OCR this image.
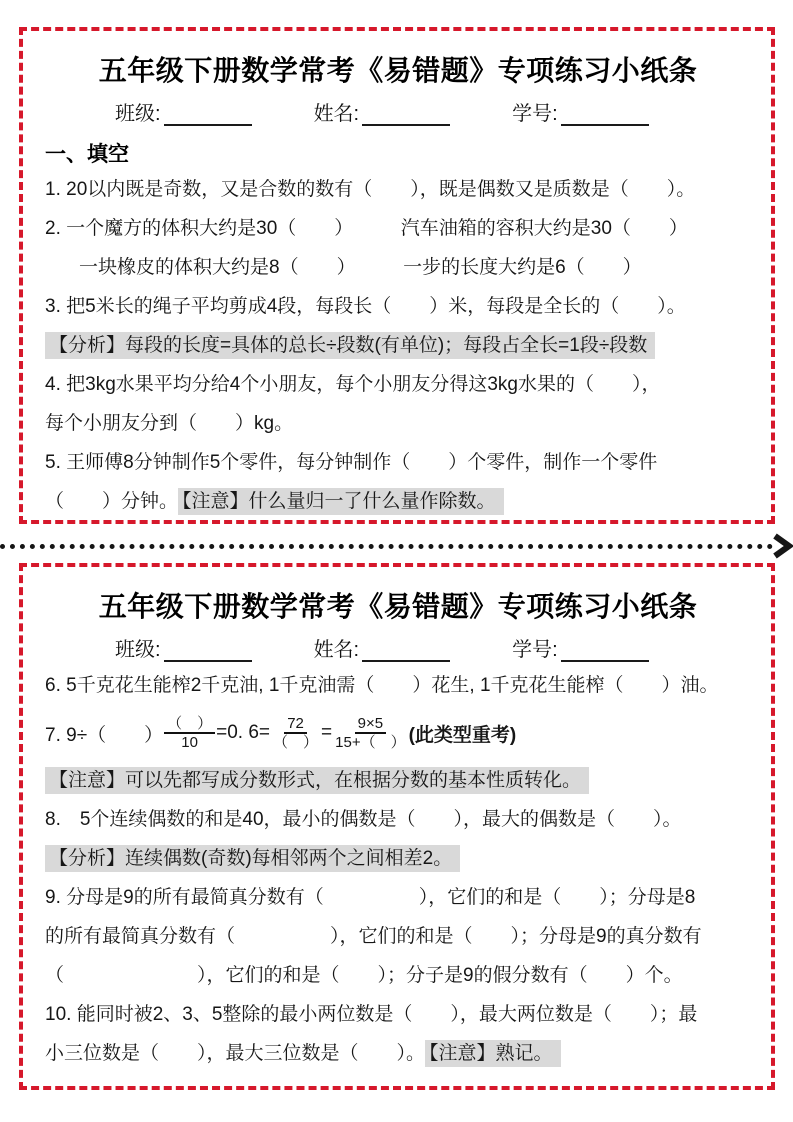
五年级下册数学常考《易错题》专项练习小纸条
班级:	姓名:	学号:
一、填空

1. 20以内既是奇数，又是合数的数有（　　），既是偶数又是质数是（　　）。

2. 一个魔方的体积大约是30（　　）　　　汽车油箱的容积大约是30（　　）

一块橡皮的体积大约是8（　　）　　　一步的长度大约是6（　　）

3. 把5米长的绳子平均剪成4段，每段长（　　）米，每段是全长的（　　）。

【分析】每段的长度=具体的总长÷段数(有单位)；每段占全长=1段÷段数

4. 把3kg水果平均分给4个小朋友，每个小朋友分得这3kg水果的（　　），

每个小朋友分到（　　）kg。

5. 王师傅8分钟制作5个零件，每分钟制作（　　）个零件，制作一个零件

（　　）分钟。 【注意】什么量归一了什么量作除数。

五年级下册数学常考《易错题》专项练习小纸条
班级:	姓名:	学号:

6. 5千克花生能榨2千克油, 1千克油需（　　）花生, 1千克花生能榨（　　）油。

7. 9÷（　　） $\frac{( )}{10} =0$. $6= \frac{72}{( )} = \frac{9\times 5}{15+( )}$ (此类型重考)

【注意】可以先都写成分数形式，在根据分数的基本性质转化。

8.　5个连续偶数的和是40，最小的偶数是（　　），最大的偶数是（　　）。

【分析】连续偶数(奇数)每相邻两个之间相差2。

9. 分母是9的所有最简真分数有（　　　　　），它们的和是（　　）；分母是8

的所有最简真分数有（　　　　　），它们的和是（　　）；分母是9的真分数有

（　　　　　　　），它们的和是（　　）；分子是9的假分数有（　　）个。

10. 能同时被2、3、5整除的最小两位数是（　　），最大两位数是（　　）；最

小三位数是（　　），最大三位数是（　　）。 【注意】熟记。
